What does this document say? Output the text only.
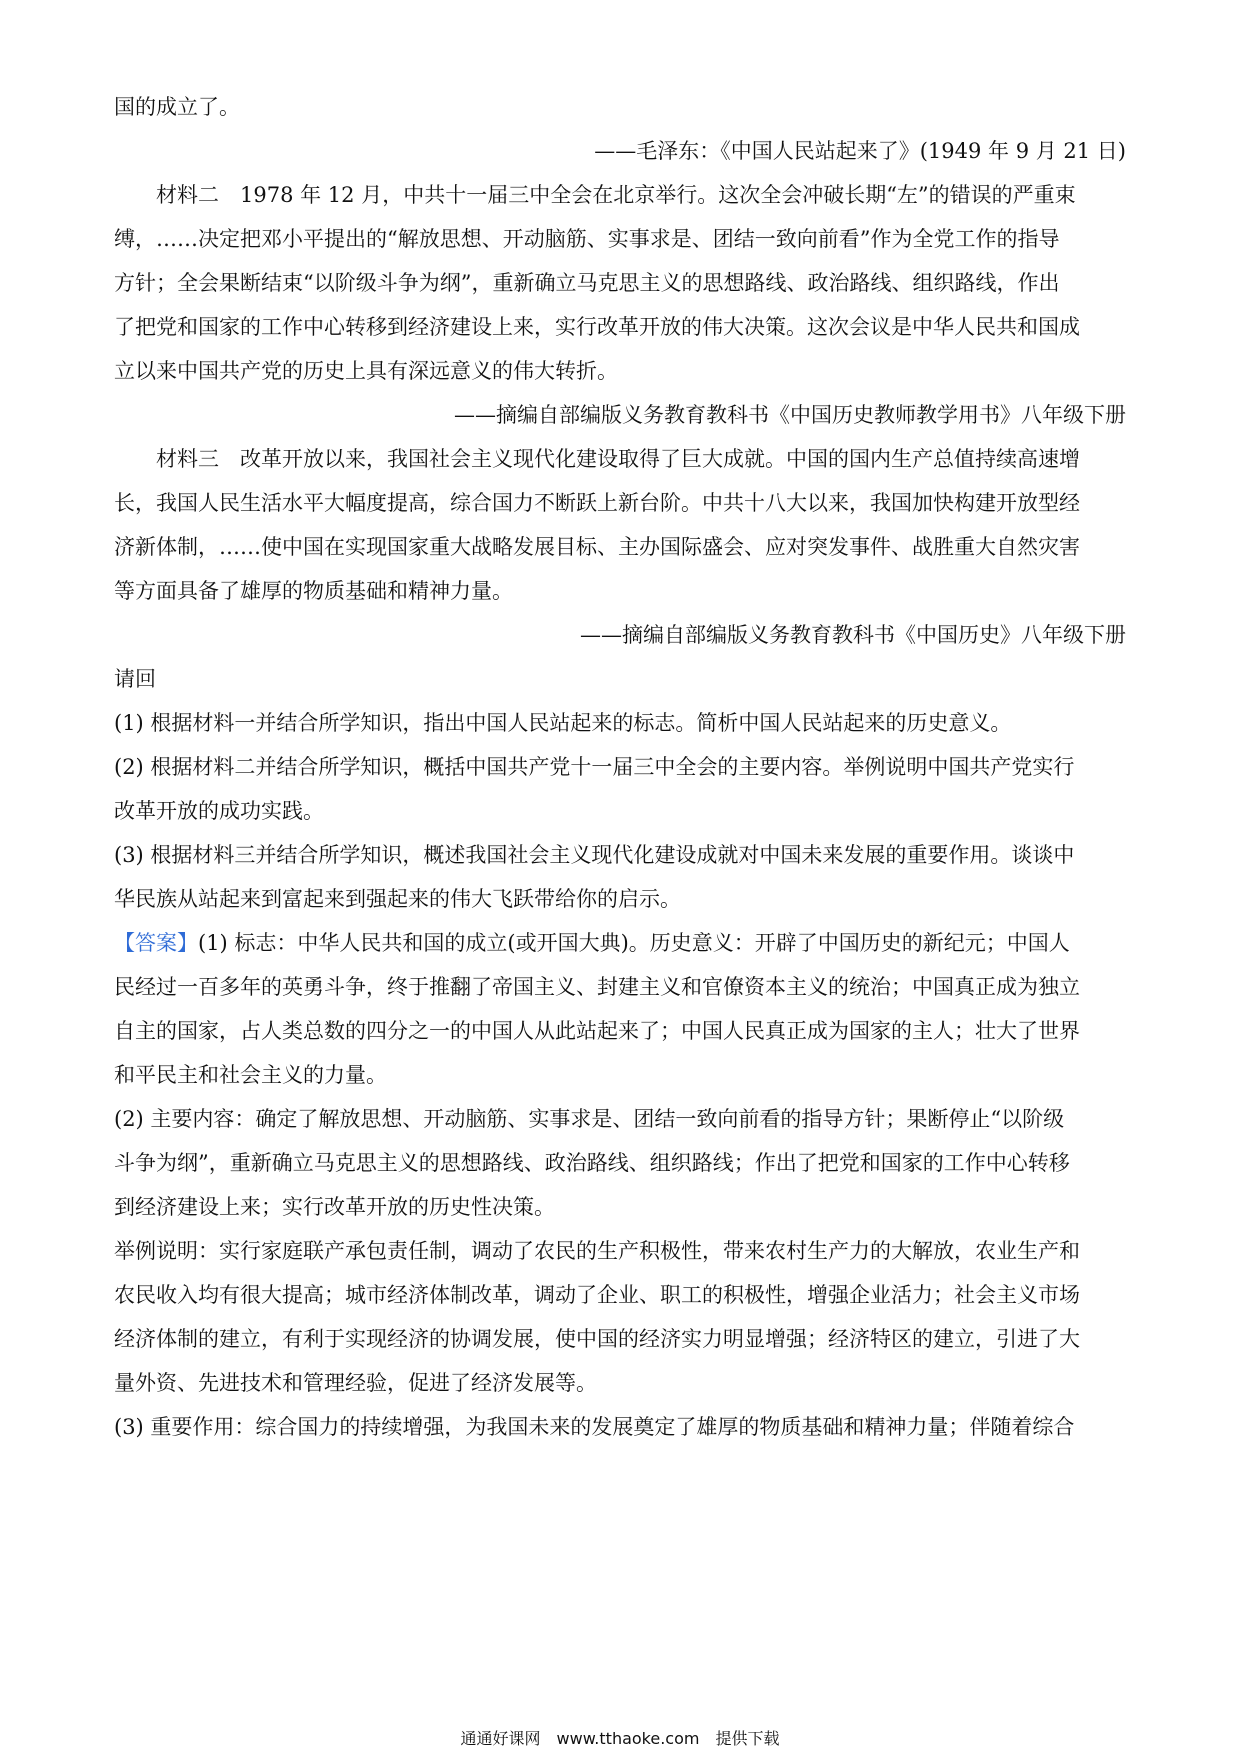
国的成立了。
——毛泽东：《中国人民站起来了》(1949 年 9 月 21 日)
材料二　1978 年 12 月，中共十一届三中全会在北京举行。这次全会冲破长期“左”的错误的严重束
缚，……决定把邓小平提出的“解放思想、开动脑筋、实事求是、团结一致向前看”作为全党工作的指导
方针；全会果断结束“以阶级斗争为纲”，重新确立马克思主义的思想路线、政治路线、组织路线，作出
了把党和国家的工作中心转移到经济建设上来，实行改革开放的伟大决策。这次会议是中华人民共和国成
立以来中国共产党的历史上具有深远意义的伟大转折。
——摘编自部编版义务教育教科书《中国历史教师教学用书》八年级下册
材料三　改革开放以来，我国社会主义现代化建设取得了巨大成就。中国的国内生产总值持续高速增
长，我国人民生活水平大幅度提高，综合国力不断跃上新台阶。中共十八大以来，我国加快构建开放型经
济新体制，……使中国在实现国家重大战略发展目标、主办国际盛会、应对突发事件、战胜重大自然灾害
等方面具备了雄厚的物质基础和精神力量。
——摘编自部编版义务教育教科书《中国历史》八年级下册
请回
(1) 根据材料一并结合所学知识，指出中国人民站起来的标志。简析中国人民站起来的历史意义。
(2) 根据材料二并结合所学知识，概括中国共产党十一届三中全会的主要内容。举例说明中国共产党实行
改革开放的成功实践。
(3) 根据材料三并结合所学知识，概述我国社会主义现代化建设成就对中国未来发展的重要作用。谈谈中
华民族从站起来到富起来到强起来的伟大飞跃带给你的启示。
【答案】(1) 标志：中华人民共和国的成立(或开国大典)。历史意义：开辟了中国历史的新纪元；中国人
民经过一百多年的英勇斗争，终于推翻了帝国主义、封建主义和官僚资本主义的统治；中国真正成为独立
自主的国家，占人类总数的四分之一的中国人从此站起来了；中国人民真正成为国家的主人；壮大了世界
和平民主和社会主义的力量。
(2) 主要内容：确定了解放思想、开动脑筋、实事求是、团结一致向前看的指导方针；果断停止“以阶级
斗争为纲”，重新确立马克思主义的思想路线、政治路线、组织路线；作出了把党和国家的工作中心转移
到经济建设上来；实行改革开放的历史性决策。
举例说明：实行家庭联产承包责任制，调动了农民的生产积极性，带来农村生产力的大解放，农业生产和
农民收入均有很大提高；城市经济体制改革，调动了企业、职工的积极性，增强企业活力；社会主义市场
经济体制的建立，有利于实现经济的协调发展，使中国的经济实力明显增强；经济特区的建立，引进了大
量外资、先进技术和管理经验，促进了经济发展等。
(3) 重要作用：综合国力的持续增强，为我国未来的发展奠定了雄厚的物质基础和精神力量；伴随着综合
通通好课网　www.tthaoke.com　提供下载
